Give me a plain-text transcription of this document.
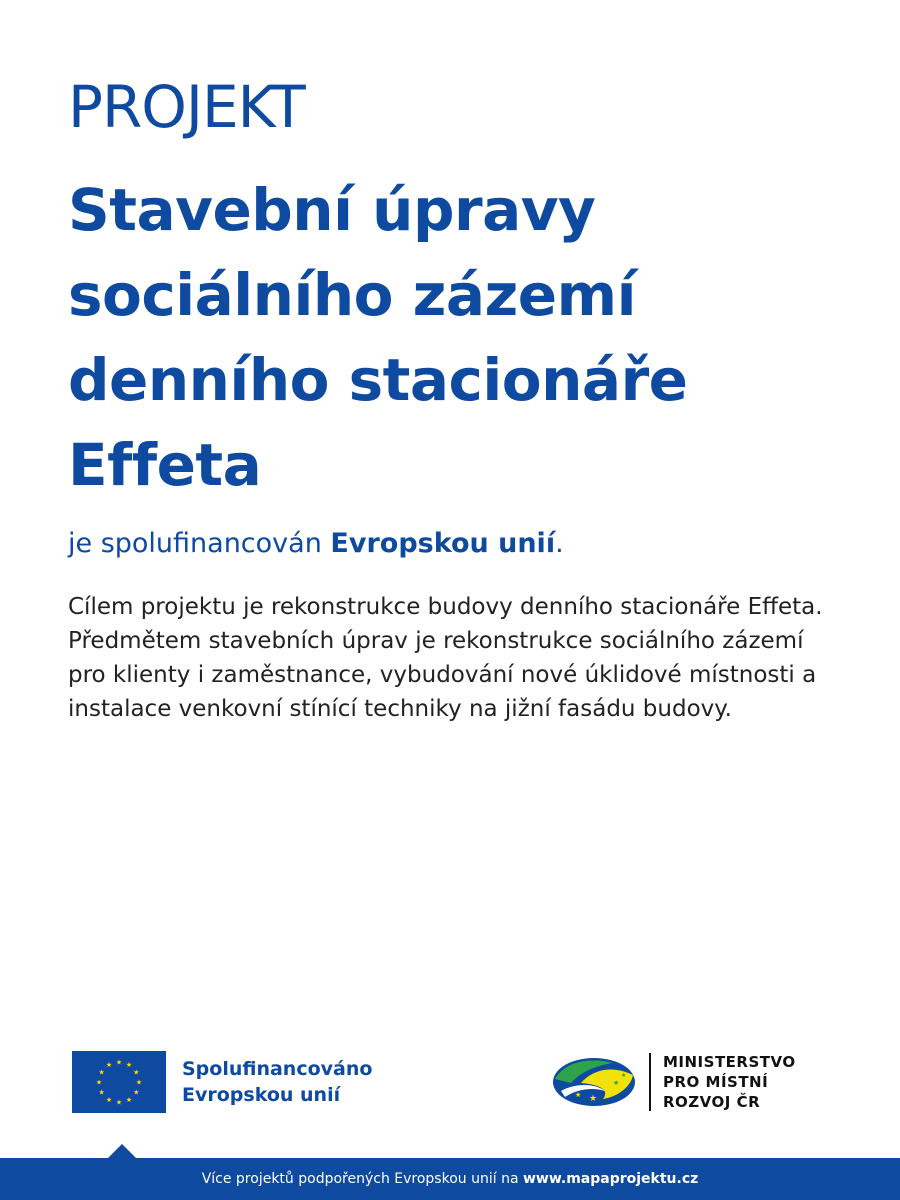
PROJEKT
Stavební úpravy
sociálního zázemí
denního stacionáře
Effeta
je spolufinancován Evropskou unií.

Cílem projektu je rekonstrukce budovy denního stacionáře Effeta. Předmětem stavebních úprav je rekonstrukce sociálního zázemí pro klienty i zaměstnance, vybudování nové úklidové místnosti a instalace venkovní stínící techniky na jižní fasádu budovy.

★ ★
★
★
★
★
★
★
★
★
★
★	Spolufinancováno
Evropskou unií	★
★
★
★
MINISTERSTVO
PRO MÍSTNÍ
ROZVOJ ČR
Více projektů podpořených Evropskou unií na www.mapaprojektu.cz
